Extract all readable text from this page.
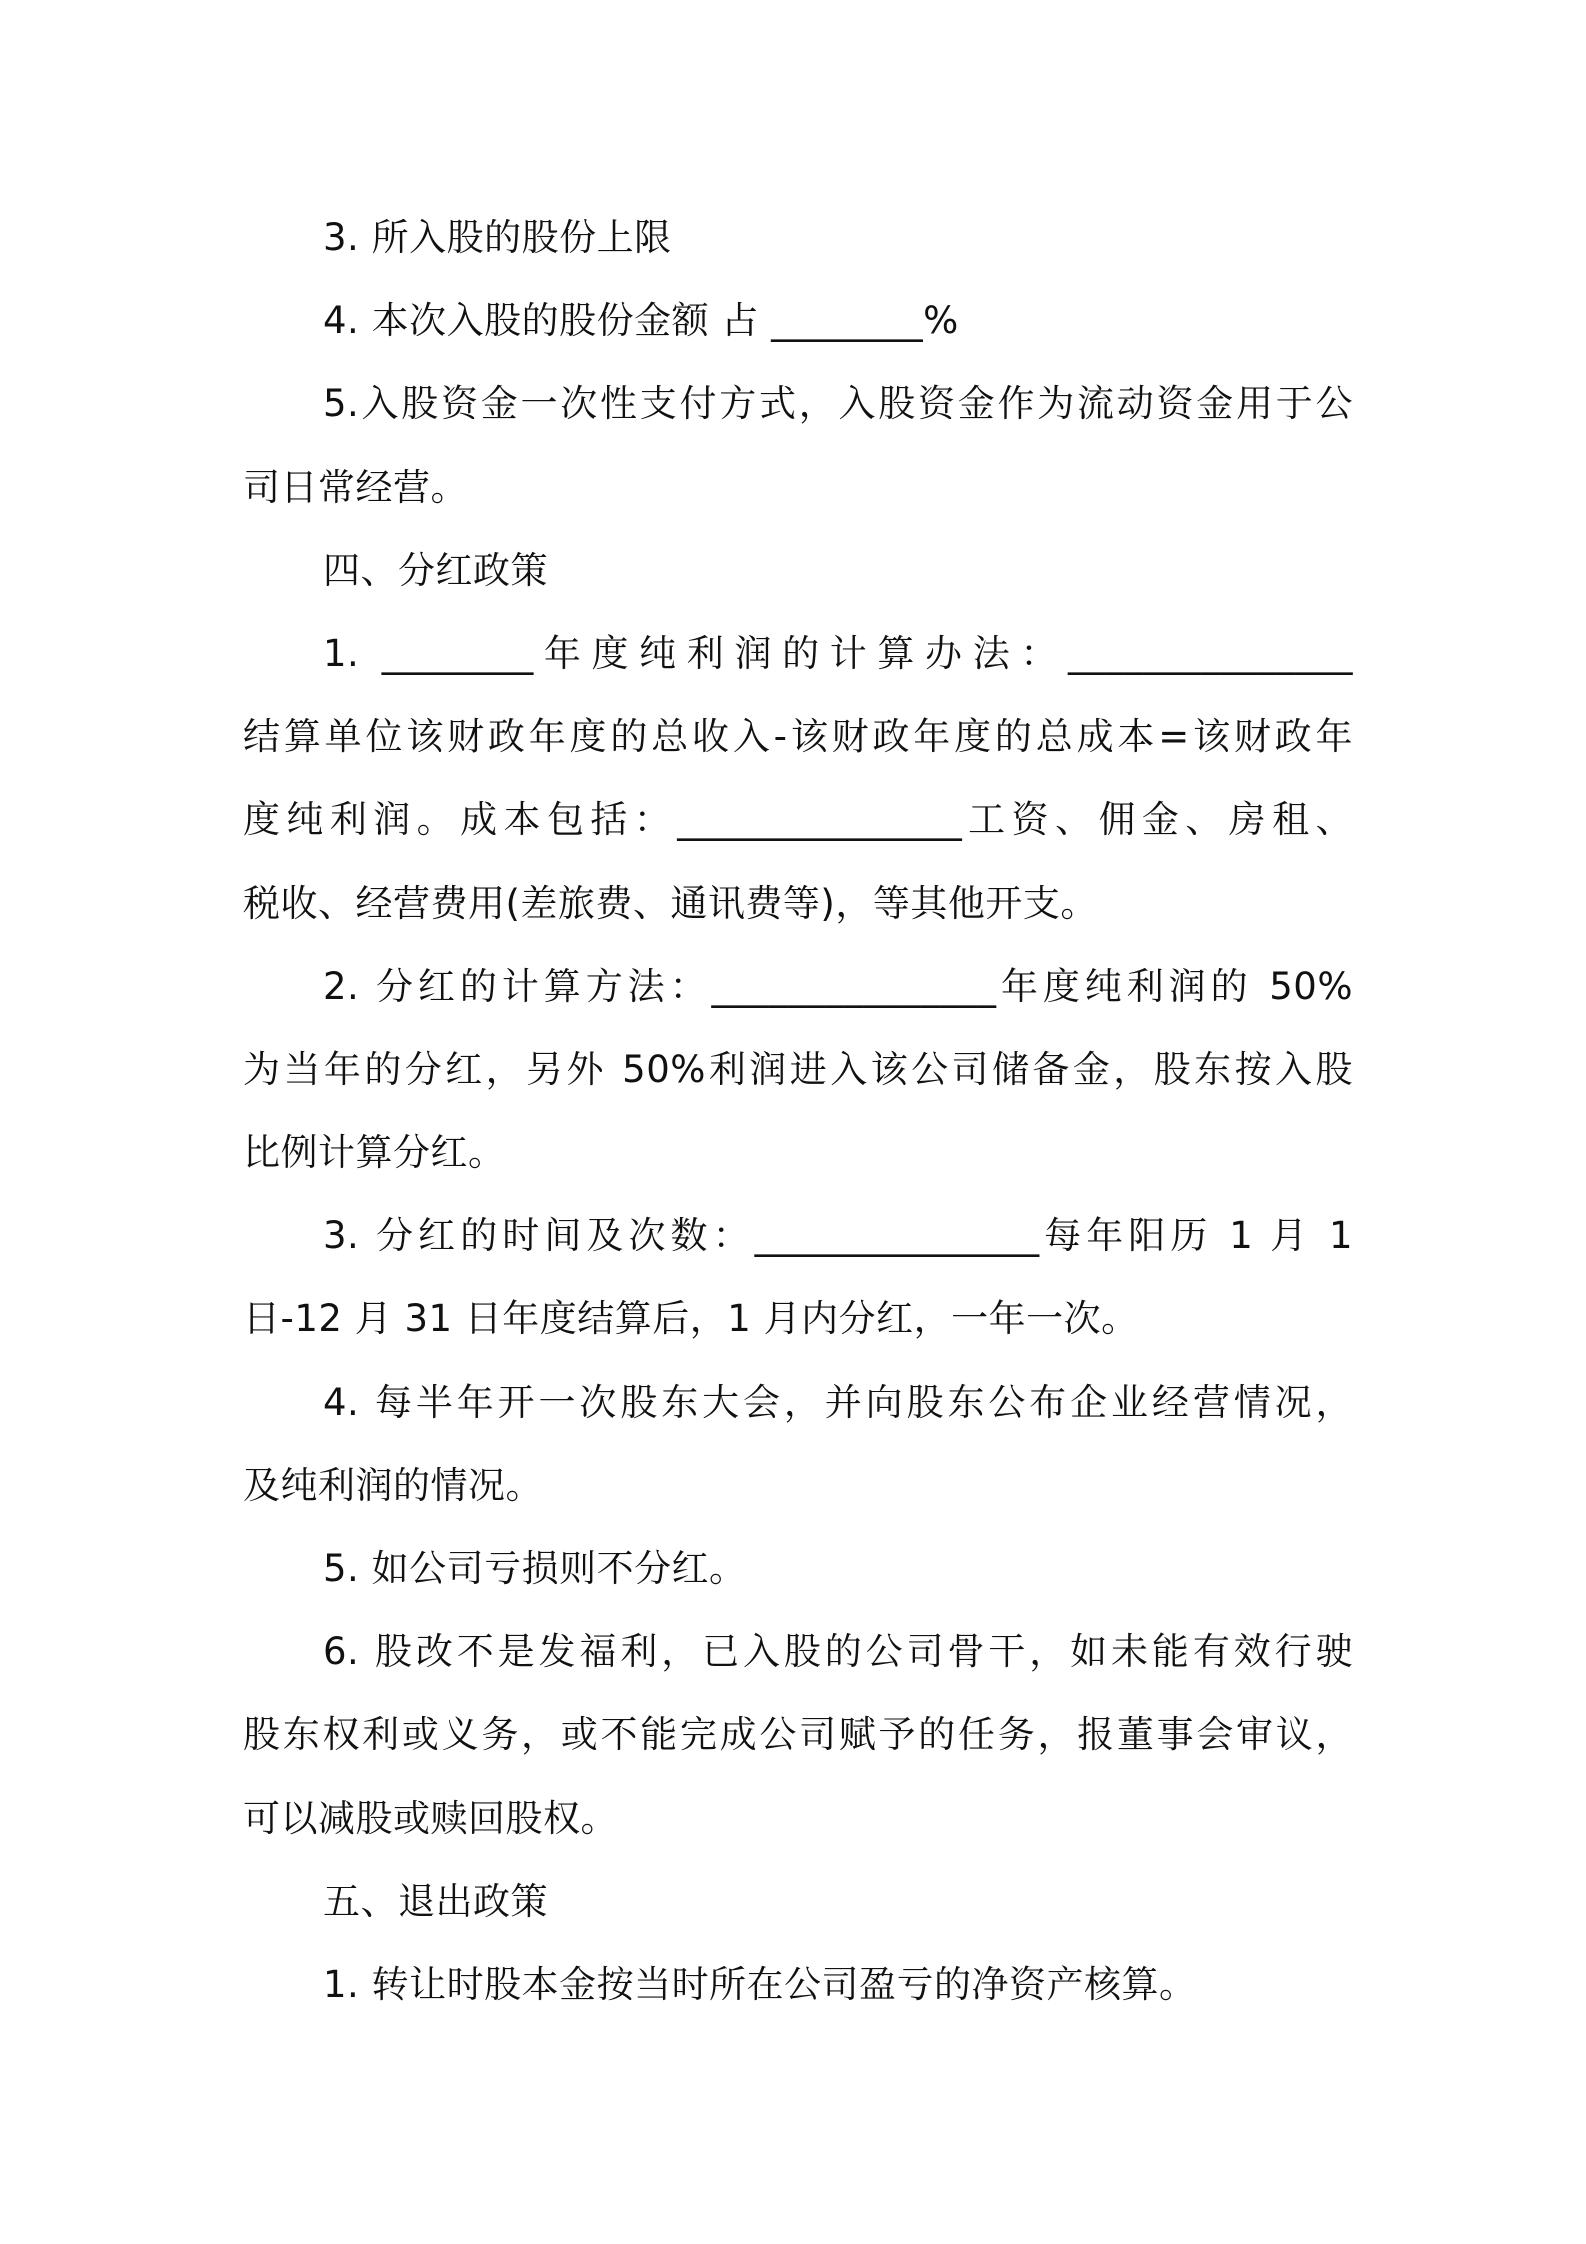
3. 所入股的股份上限
4. 本次入股的股份金额 占 ________%
5.入股资金一次性支付方式，入股资金作为流动资金用于公
司日常经营。
四、分红政策
1. ________年度纯利润的计算办法：_______________
结算单位该财政年度的总收入-该财政年度的总成本=该财政年
度纯利润。成本包括：_______________工资、佣金、房租、
税收、经营费用(差旅费、通讯费等)，等其他开支。
2. 分红的计算方法：_______________年度纯利润的 50%
为当年的分红，另外 50%利润进入该公司储备金，股东按入股
比例计算分红。
3. 分红的时间及次数：_______________每年阳历 1 月 1
日-12 月 31 日年度结算后，1 月内分红，一年一次。
4. 每半年开一次股东大会，并向股东公布企业经营情况，
及纯利润的情况。
5. 如公司亏损则不分红。
6. 股改不是发福利，已入股的公司骨干，如未能有效行驶
股东权利或义务，或不能完成公司赋予的任务，报董事会审议，
可以减股或赎回股权。
五、退出政策
1. 转让时股本金按当时所在公司盈亏的净资产核算。
